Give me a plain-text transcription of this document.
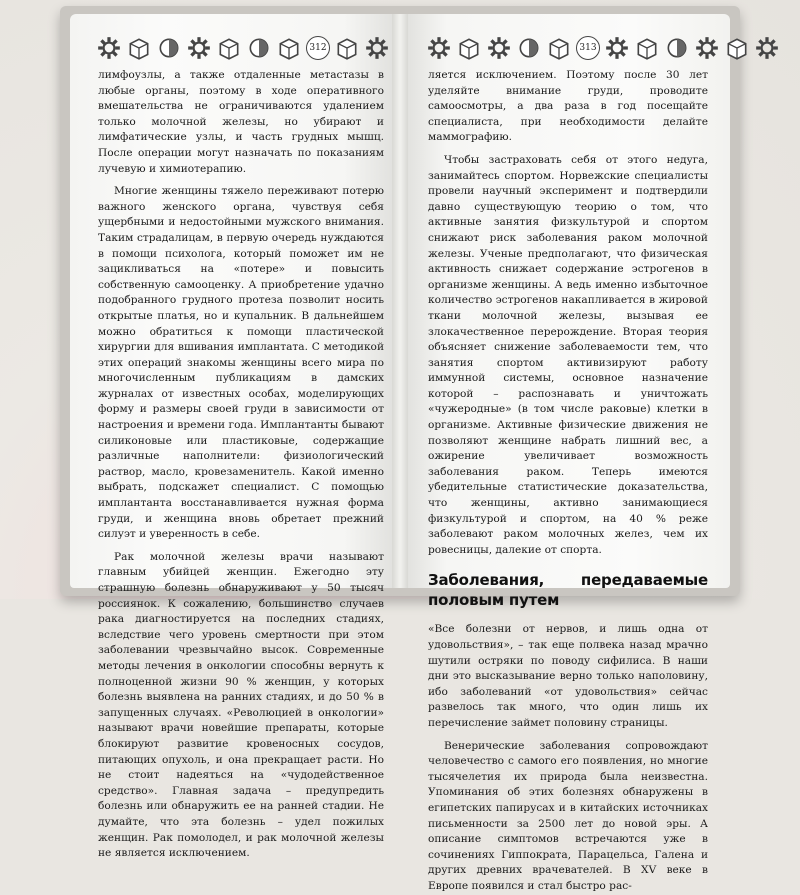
312

лимфоузлы, а также отдаленные метастазы в любые органы, поэтому в ходе оперативного вмешательства не ограничиваются удалением только молочной железы, но убирают и лимфатические узлы, и часть грудных мышц. После операции могут назначать по показаниям лучевую и химиотерапию.

Многие женщины тяжело переживают потерю важного женского органа, чувствуя себя ущербными и недостойными мужского внимания. Таким страдалицам, в первую очередь нуждаются в помощи психолога, который поможет им не зацикливаться на «потере» и повысить собственную самооценку. А приобретение удачно подобранного грудного протеза позволит носить открытые платья, но и купальник. В дальнейшем можно обратиться к помощи пластической хирургии для вшивания имплантата. С методикой этих операций знакомы женщины всего мира по многочисленным публикациям в дамских журналах от известных особах, моделирующих форму и размеры своей груди в зависимости от настроения и времени года. Имплантанты бывают силиконовые или пластиковые, содержащие различные наполнители: физиологический раствор, масло, кровезаменитель. Какой именно выбрать, подскажет специалист. С помощью имплантанта восстанавливается нужная форма груди, и женщина вновь обретает прежний силуэт и уверенность в себе.

Рак молочной железы врачи называют главным убийцей женщин. Ежегодно эту страшную болезнь обнаруживают у 50 тысяч россиянок. К сожалению, большинство случаев рака диагностируется на последних стадиях, вследствие чего уровень смертности при этом заболевании чрезвычайно высок. Современные методы лечения в онкологии способны вернуть к полноценной жизни 90 % женщин, у которых болезнь выявлена на ранних стадиях, и до 50 % в запущенных случаях. «Революцией в онкологии» называют врачи новейшие препараты, которые блокируют развитие кровеносных сосудов, питающих опухоль, и она прекращает расти. Но не стоит надеяться на «чудодейственное средство». Главная задача – предупредить болезнь или обнаружить ее на ранней стадии. Не думайте, что эта болезнь – удел пожилых женщин. Рак помолодел, и рак молочной железы не является исключением.

313

ляется исключением. Поэтому после 30 лет уделяйте внимание груди, проводите самоосмотры, а два раза в год посещайте специалиста, при необходимости делайте маммографию.

Чтобы застраховать себя от этого недуга, занимайтесь спортом. Норвежские специалисты провели научный эксперимент и подтвердили давно существующую теорию о том, что активные занятия физкультурой и спортом снижают риск заболевания раком молочной железы. Ученые предполагают, что физическая активность снижает содержание эстрогенов в организме женщины. А ведь именно избыточное количество эстрогенов накапливается в жировой ткани молочной железы, вызывая ее злокачественное перерождение. Вторая теория объясняет снижение заболеваемости тем, что занятия спортом активизируют работу иммунной системы, основное назначение которой – распознавать и уничтожать «чужеродные» (в том числе раковые) клетки в организме. Активные физические движения не позволяют женщине набрать лишний вес, а ожирение увеличивает возможность заболевания раком. Теперь имеются убедительные статистические доказательства, что женщины, активно занимающиеся физкультурой и спортом, на 40 % реже заболевают раком молочных желез, чем их ровесницы, далекие от спорта.

Заболевания, передаваемые половым путем

«Все болезни от нервов, и лишь одна от удовольствия», – так еще полвека назад мрачно шутили остряки по поводу сифилиса. В наши дни это высказывание верно только наполовину, ибо заболеваний «от удовольствия» сейчас развелось так много, что один лишь их перечисление займет половину страницы.

Венерические заболевания сопровождают человечество с самого его появления, но многие тысячелетия их природа была неизвестна. Упоминания об этих болезнях обнаружены в египетских папирусах и в китайских источниках письменности за 2500 лет до новой эры. А описание симптомов встречаются уже в сочинениях Гиппократа, Парацельса, Галена и других древних врачевателей. В XV веке в Европе появился и стал быстро рас-
